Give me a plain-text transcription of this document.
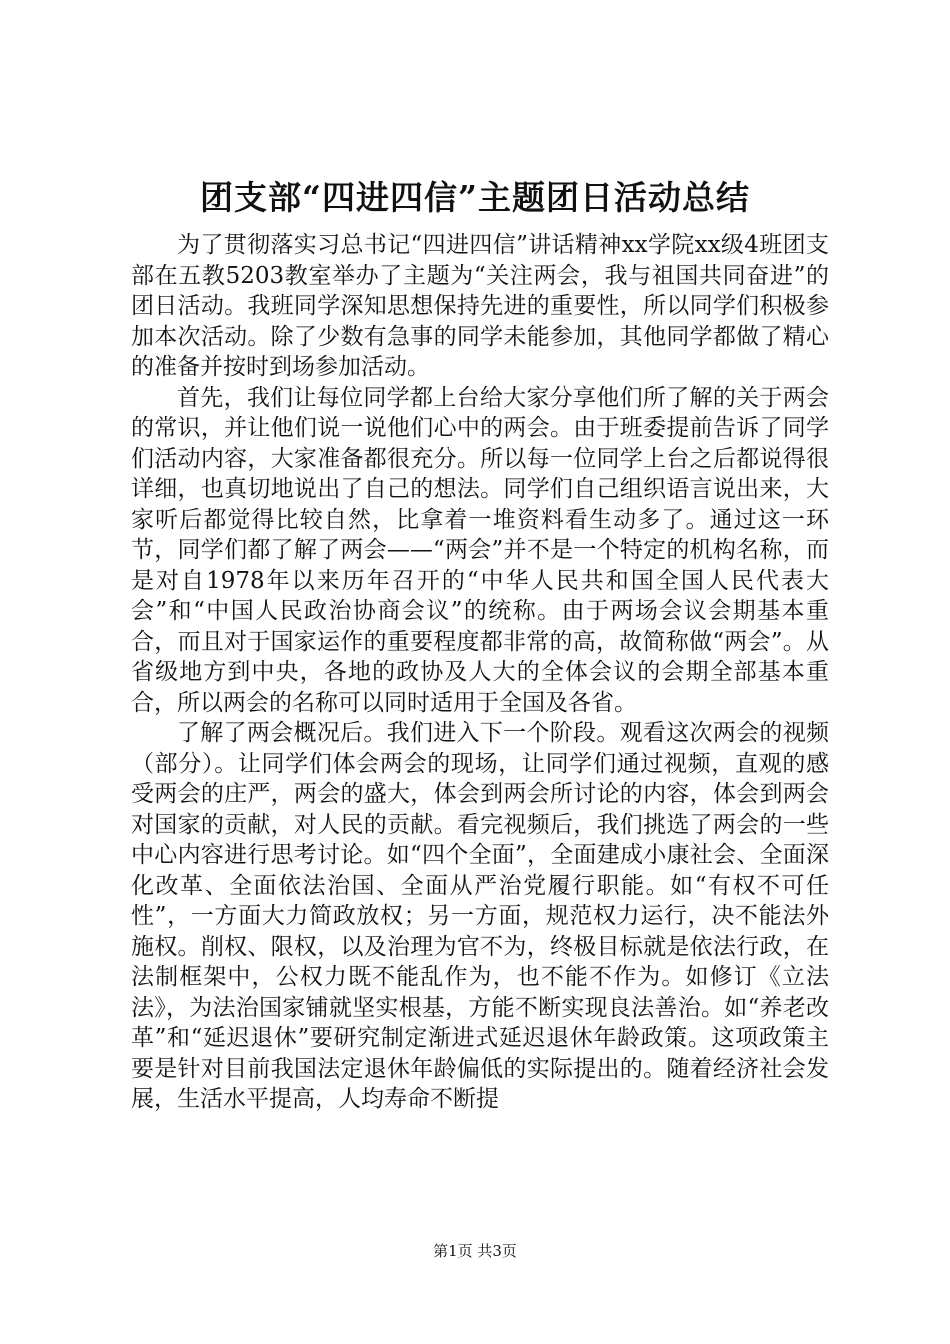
团支部“四进四信”主题团日活动总结

为了贯彻落实习总书记“四进四信”讲话精神xx学院xx级4班团支部在五教5203教室举办了主题为“关注两会，我与祖国共同奋进”的团日活动。我班同学深知思想保持先进的重要性，所以同学们积极参加本次活动。除了少数有急事的同学未能参加，其他同学都做了精心的准备并按时到场参加活动。

首先，我们让每位同学都上台给大家分享他们所了解的关于两会的常识，并让他们说一说他们心中的两会。由于班委提前告诉了同学们活动内容，大家准备都很充分。所以每一位同学上台之后都说得很详细，也真切地说出了自己的想法。同学们自己组织语言说出来，大家听后都觉得比较自然，比拿着一堆资料看生动多了。通过这一环节，同学们都了解了两会——“两会”并不是一个特定的机构名称，而是对自1978年以来历年召开的“中华人民共和国全国人民代表大会”和“中国人民政治协商会议”的统称。由于两场会议会期基本重合，而且对于国家运作的重要程度都非常的高，故简称做“两会”。从省级地方到中央，各地的政协及人大的全体会议的会期全部基本重合，所以两会的名称可以同时适用于全国及各省。

了解了两会概况后。我们进入下一个阶段。观看这次两会的视频（部分）。让同学们体会两会的现场，让同学们通过视频，直观的感受两会的庄严，两会的盛大，体会到两会所讨论的内容，体会到两会对国家的贡献，对人民的贡献。看完视频后，我们挑选了两会的一些中心内容进行思考讨论。如“四个全面”，全面建成小康社会、全面深化改革、全面依法治国、全面从严治党履行职能。如“有权不可任性”，一方面大力简政放权；另一方面，规范权力运行，决不能法外施权。削权、限权，以及治理为官不为，终极目标就是依法行政，在法制框架中，公权力既不能乱作为，也不能不作为。如修订《立法法》，为法治国家铺就坚实根基，方能不断实现良法善治。如“养老改革”和“延迟退休”要研究制定渐进式延迟退休年龄政策。这项政策主要是针对目前我国法定退休年龄偏低的实际提出的。随着经济社会发展，生活水平提高，人均寿命不断提

第1页 共3页
